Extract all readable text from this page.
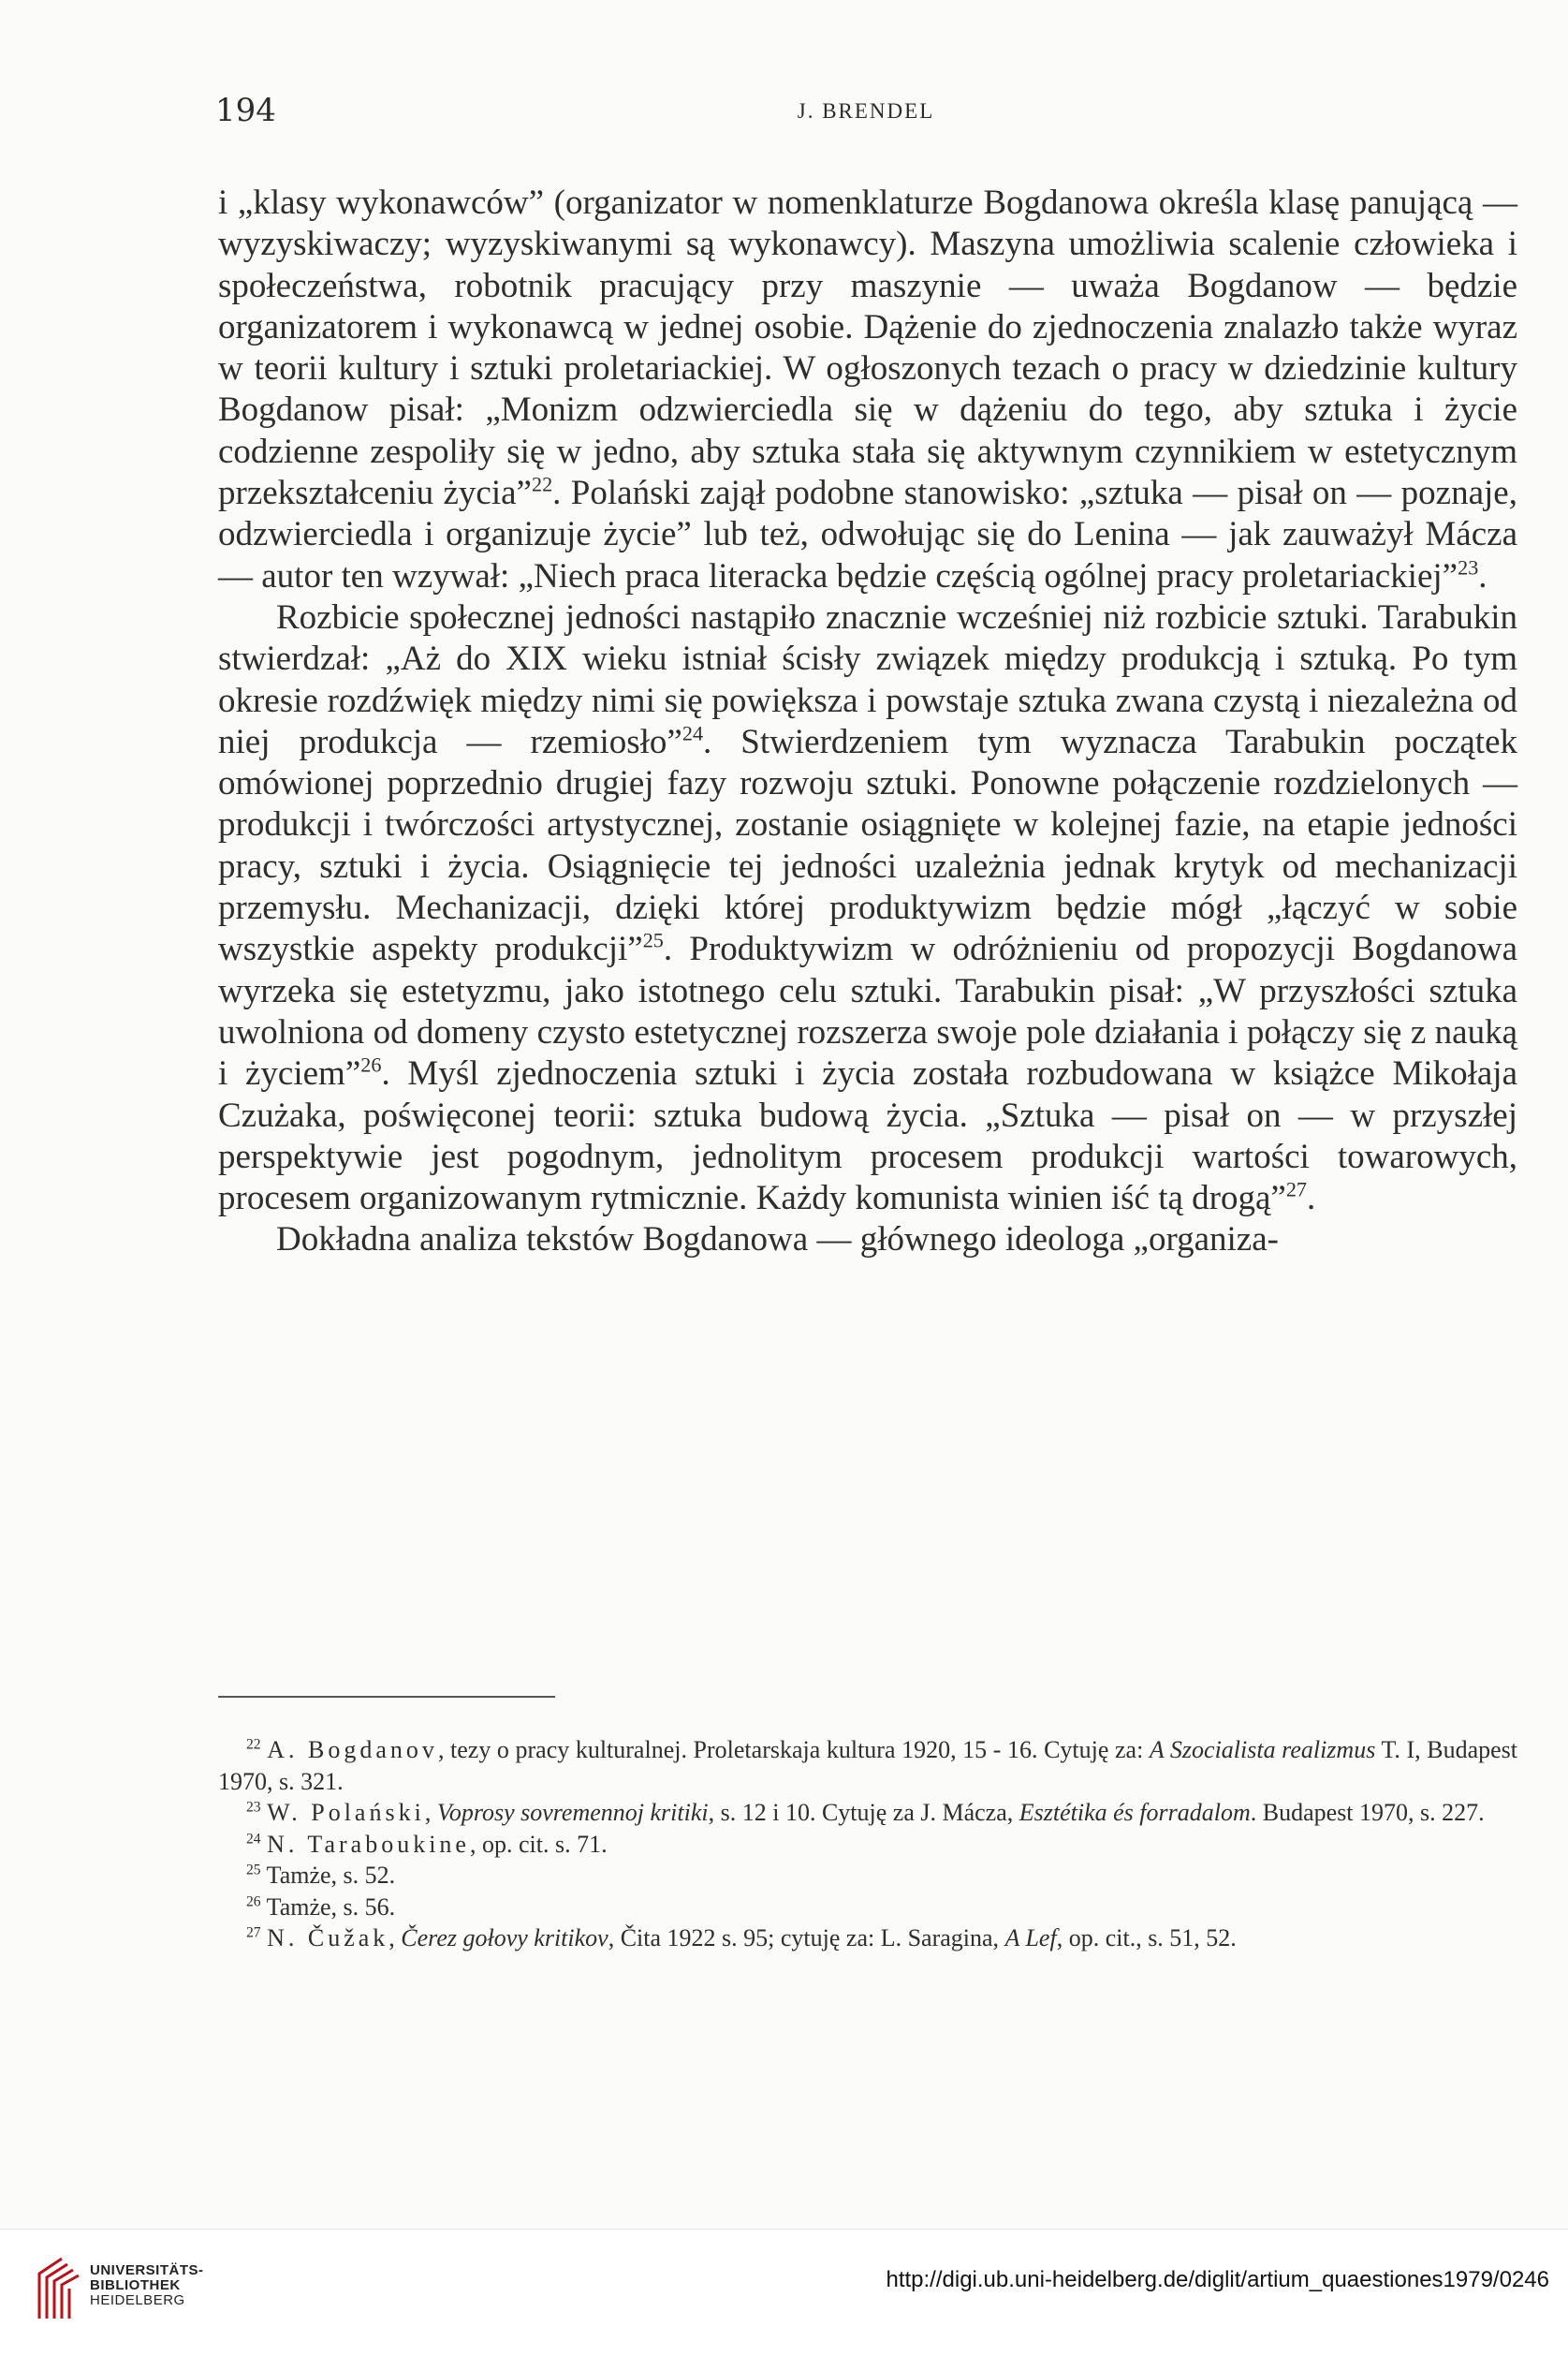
194	J. BRENDEL

i „klasy wykonawców” (organizator w nomenklaturze Bogdanowa określa klasę panującą — wyzyskiwaczy; wyzyskiwanymi są wykonawcy). Maszyna umożliwia scalenie człowieka i społeczeństwa, robotnik pracujący przy maszynie — uważa Bogdanow — będzie organizatorem i wykonawcą w jednej osobie. Dążenie do zjednoczenia znalazło także wyraz w teorii kultury i sztuki proletariackiej. W ogłoszonych tezach o pracy w dziedzinie kultury Bogdanow pisał: „Monizm odzwierciedla się w dążeniu do tego, aby sztuka i życie codzienne zespoliły się w jedno, aby sztuka stała się aktywnym czynnikiem w estetycznym przekształceniu życia”$^{22}$. Polański zajął podobne stanowisko: „sztuka — pisał on — poznaje, odzwierciedla i organizuje życie” lub też, odwołując się do Lenina — jak zauważył Mácza — autor ten wzywał: „Niech praca literacka będzie częścią ogólnej pracy proletariackiej”$^{23}$.

Rozbicie społecznej jedności nastąpiło znacznie wcześniej niż rozbicie sztuki. Tarabukin stwierdzał: „Aż do XIX wieku istniał ścisły związek między produkcją i sztuką. Po tym okresie rozdźwięk między nimi się powiększa i powstaje sztuka zwana czystą i niezależna od niej produkcja — rzemiosło”$^{24}$. Stwierdzeniem tym wyznacza Tarabukin początek omówionej poprzednio drugiej fazy rozwoju sztuki. Ponowne połączenie rozdzielonych — produkcji i twórczości artystycznej, zostanie osiągnięte w kolejnej fazie, na etapie jedności pracy, sztuki i życia. Osiągnięcie tej jedności uzależnia jednak krytyk od mechanizacji przemysłu. Mechanizacji, dzięki której produktywizm będzie mógł „łączyć w sobie wszystkie aspekty produkcji”$^{25}$. Produktywizm w odróżnieniu od propozycji Bogdanowa wyrzeka się estetyzmu, jako istotnego celu sztuki. Tarabukin pisał: „W przyszłości sztuka uwolniona od domeny czysto estetycznej rozszerza swoje pole działania i połączy się z nauką i życiem”$^{26}$. Myśl zjednoczenia sztuki i życia została rozbudowana w książce Mikołaja Czużaka, poświęconej teorii: sztuka budową życia. „Sztuka — pisał on — w przyszłej perspektywie jest pogodnym, jednolitym procesem produkcji wartości towarowych, procesem organizowanym rytmicznie. Każdy komunista winien iść tą drogą”$^{27}$.

Dokładna analiza tekstów Bogdanowa — głównego ideologa „organiza-

$^{22}$ A. Bogdanov, tezy o pracy kulturalnej. Proletarskaja kultura 1920, 15 - 16. Cytuję za: A Szocialista realizmus T. I, Budapest 1970, s. 321.

$^{23}$ W. Polański, Voprosy sovremennoj kritiki, s. 12 i 10. Cytuję za J. Mácza, Esztétika és forradalom. Budapest 1970, s. 227.

$^{24}$ N. Taraboukine, op. cit. s. 71.

$^{25}$ Tamże, s. 52.

$^{26}$ Tamże, s. 56.

$^{27}$ N. Čužak, Čerez gołovy kritikov, Čita 1922 s. 95; cytuję za: L. Saragina, A Lef, op. cit., s. 51, 52.

UNIVERSITÄTS-
BIBLIOTHEK
HEIDELBERG
http://digi.ub.uni-heidelberg.de/diglit/artium_quaestiones1979/0246
